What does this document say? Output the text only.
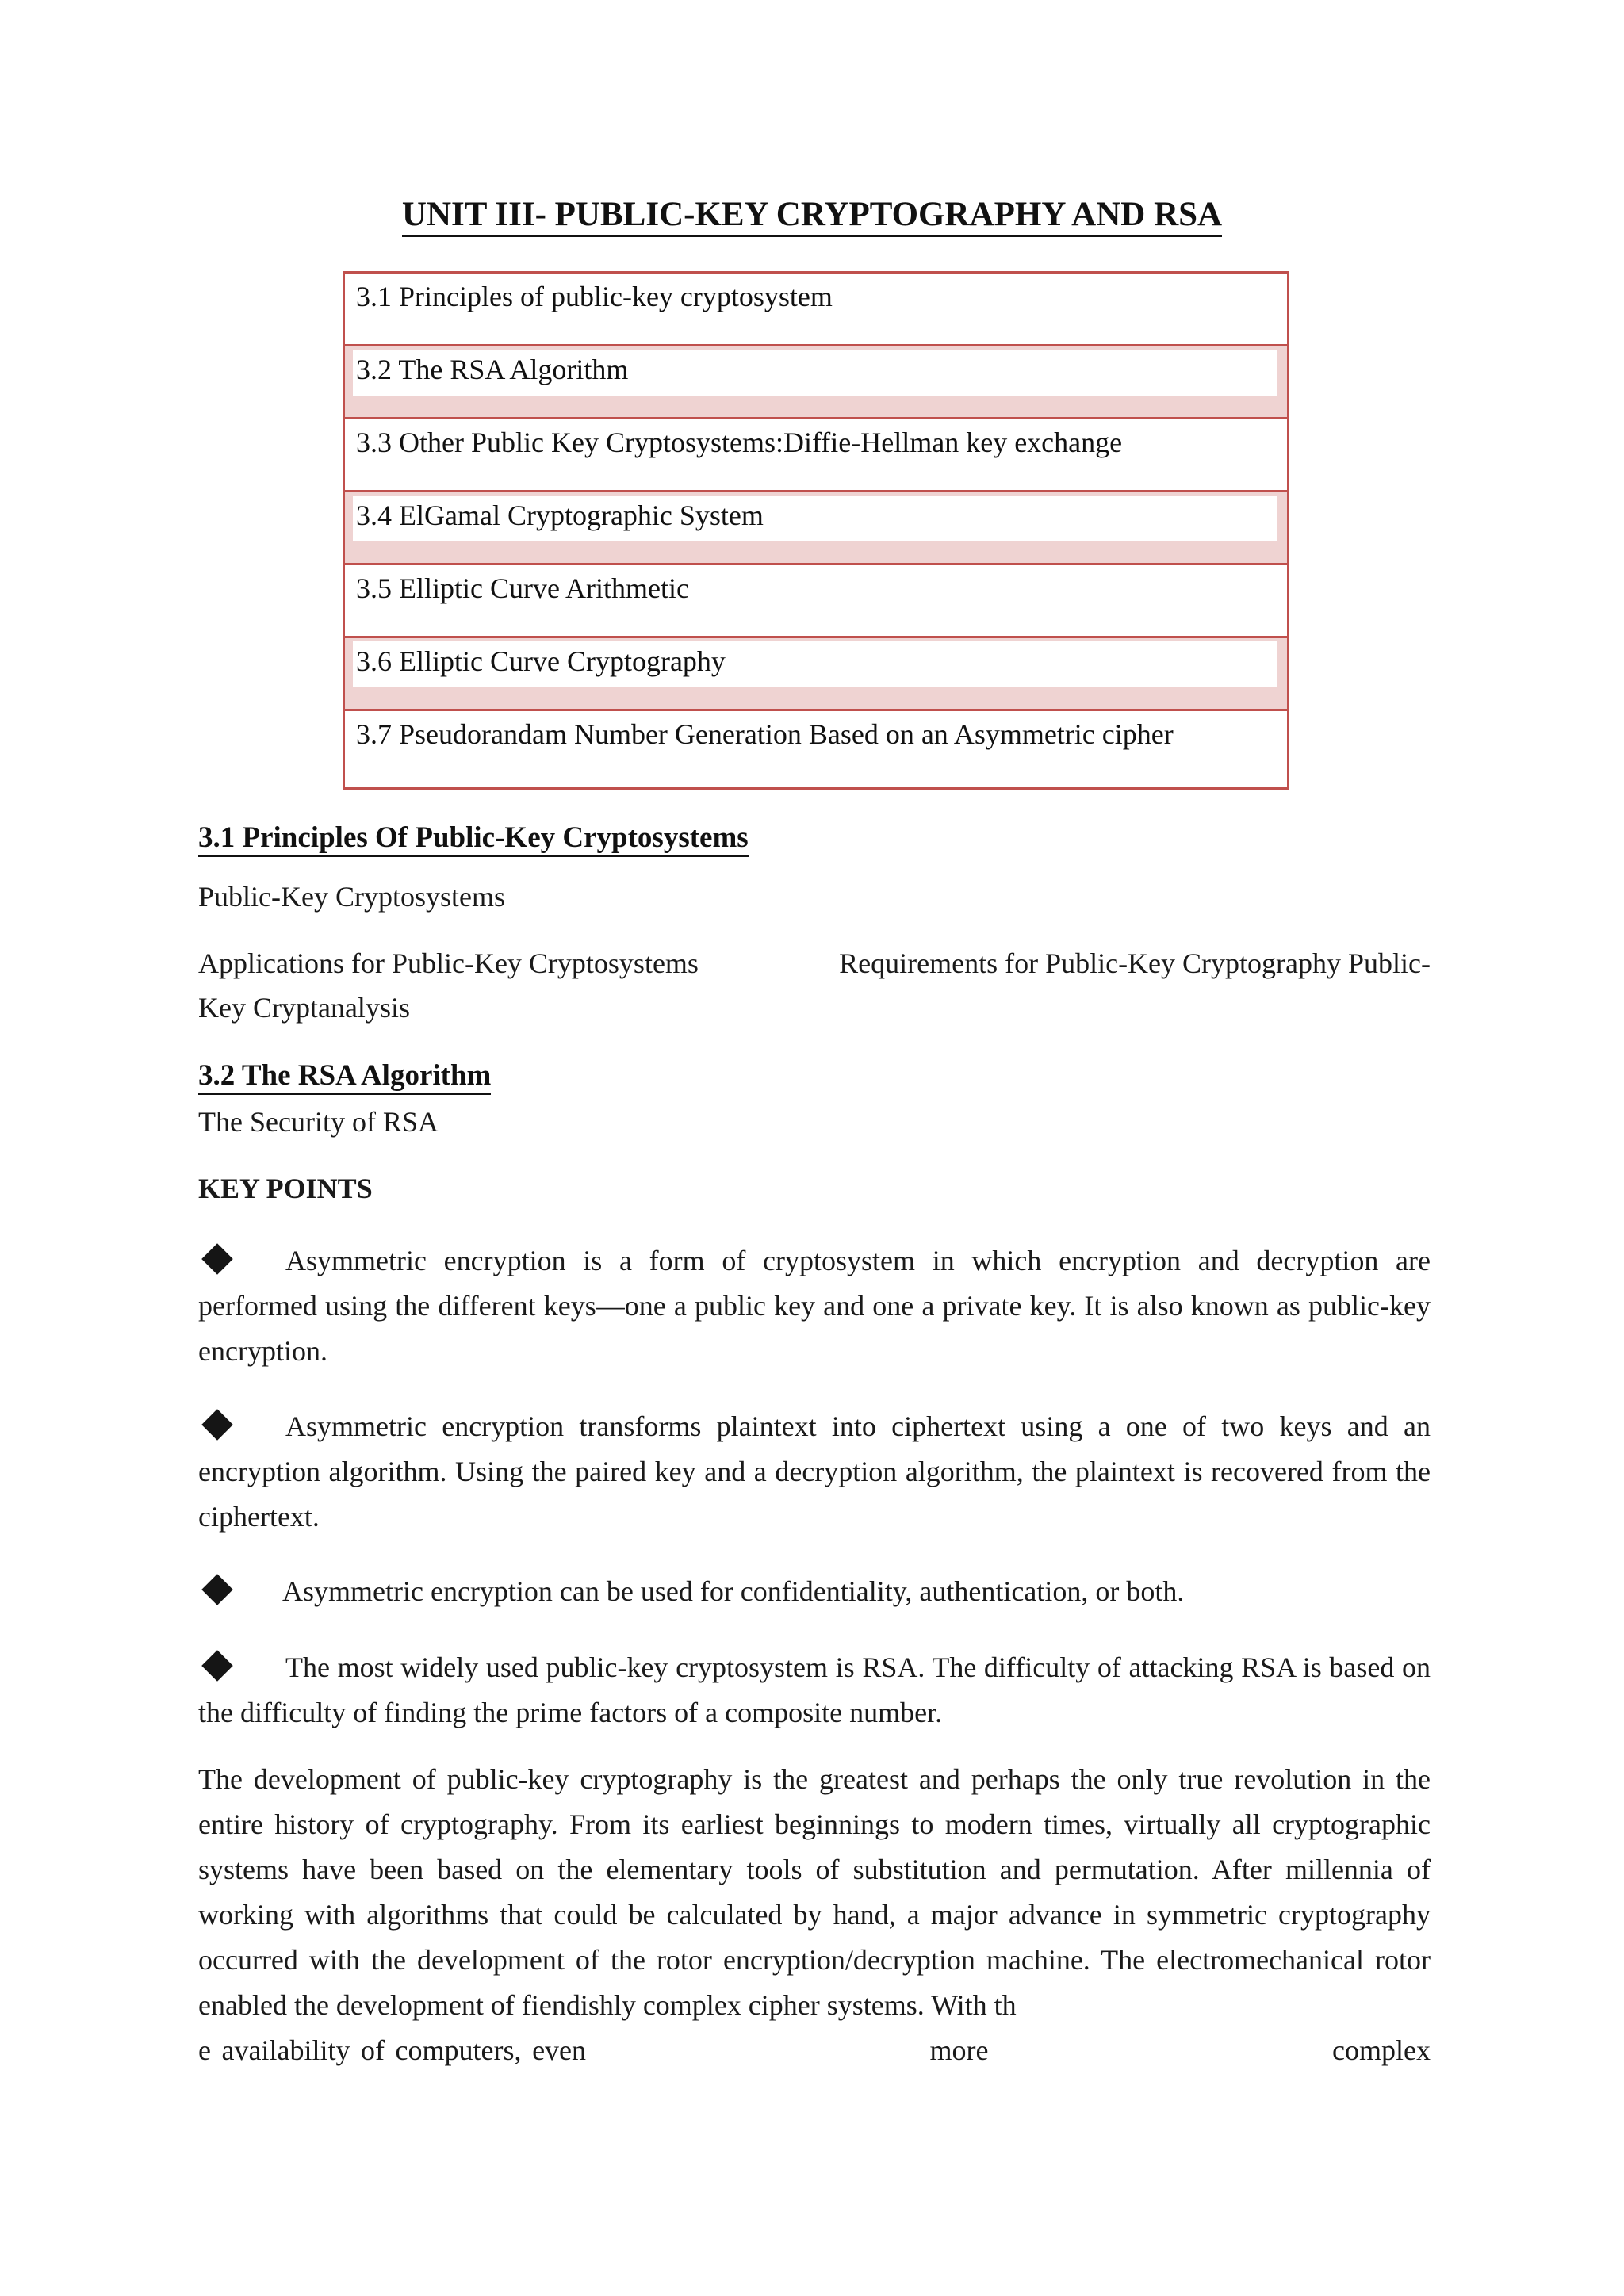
UNIT III- PUBLIC-KEY CRYPTOGRAPHY AND RSA
3.1 Principles of public-key cryptosystem
3.2 The RSA Algorithm
3.3 Other Public Key Cryptosystems:Diffie-Hellman key exchange
3.4 ElGamal Cryptographic System
3.5 Elliptic Curve Arithmetic
3.6 Elliptic Curve Cryptography
3.7 Pseudorandam Number Generation Based on an Asymmetric cipher
3.1 Principles Of Public-Key Cryptosystems
Public-Key Cryptosystems
Applications for Public-Key Cryptosystems	Requirements for Public-Key Cryptography Public-
Key Cryptanalysis
3.2 The RSA Algorithm
The Security of RSA
KEY POINTS
Asymmetric encryption is a form of cryptosystem in which encryption and decryption are performed using the different keys—one a public key and one a private key. It is also known as public-key encryption.
Asymmetric encryption transforms plaintext into ciphertext using a one of two keys and an encryption algorithm. Using the paired key and a decryption algorithm, the plaintext is recovered from the ciphertext.
Asymmetric encryption can be used for confidentiality, authentication, or both.
The most widely used public-key cryptosystem is RSA. The difficulty of attacking RSA is based on the difficulty of finding the prime factors of a composite number.
The development of public-key cryptography is the greatest and perhaps the only true revolution in the entire history of cryptography. From its earliest beginnings to modern times, virtually all cryptographic systems have been based on the elementary tools of substitution and permutation. After millennia of working with algorithms that could be calculated by hand, a major advance in symmetric cryptography occurred with the development of the rotor encryption/decryption machine. The electromechanical rotor enabled the development of fiendishly complex cipher systems. With th
e availability of computers, even                                more                                complex
